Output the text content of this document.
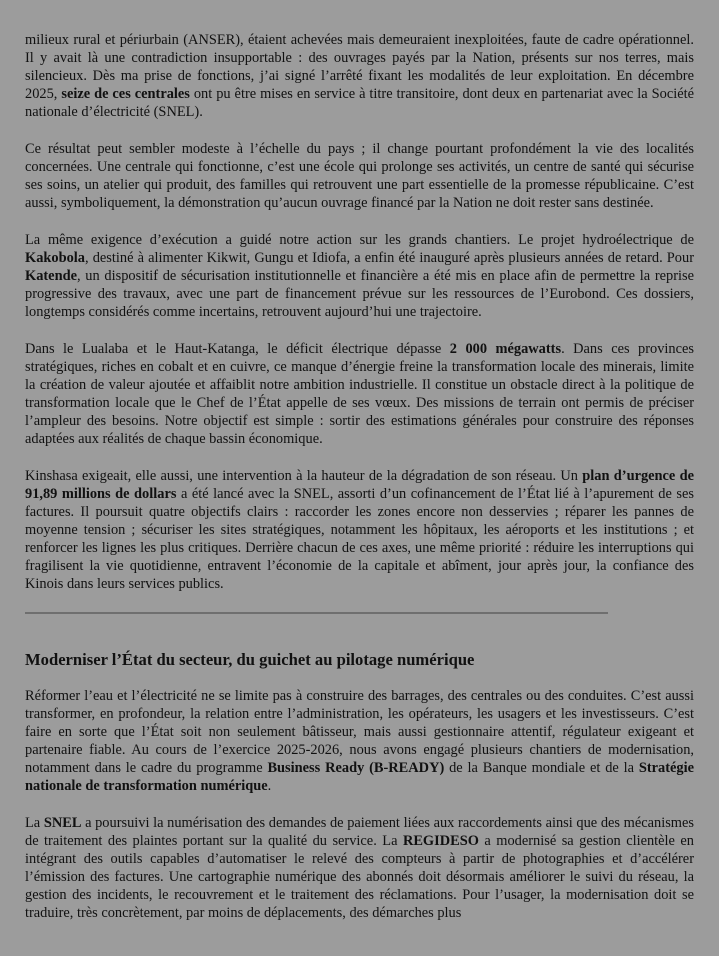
milieux rural et périurbain (ANSER), étaient achevées mais demeuraient inexploitées, faute de cadre opérationnel. Il y avait là une contradiction insupportable : des ouvrages payés par la Nation, présents sur nos terres, mais silencieux. Dès ma prise de fonctions, j’ai signé l’arrêté fixant les modalités de leur exploitation. En décembre 2025, seize de ces centrales ont pu être mises en service à titre transitoire, dont deux en partenariat avec la Société nationale d’électricité (SNEL).

Ce résultat peut sembler modeste à l’échelle du pays ; il change pourtant profondément la vie des localités concernées. Une centrale qui fonctionne, c’est une école qui prolonge ses activités, un centre de santé qui sécurise ses soins, un atelier qui produit, des familles qui retrouvent une part essentielle de la promesse républicaine. C’est aussi, symboliquement, la démonstration qu’aucun ouvrage financé par la Nation ne doit rester sans destinée.

La même exigence d’exécution a guidé notre action sur les grands chantiers. Le projet hydroélectrique de Kakobola, destiné à alimenter Kikwit, Gungu et Idiofa, a enfin été inauguré après plusieurs années de retard. Pour Katende, un dispositif de sécurisation institutionnelle et financière a été mis en place afin de permettre la reprise progressive des travaux, avec une part de financement prévue sur les ressources de l’Eurobond. Ces dossiers, longtemps considérés comme incertains, retrouvent aujourd’hui une trajectoire.

Dans le Lualaba et le Haut-Katanga, le déficit électrique dépasse 2 000 mégawatts. Dans ces provinces stratégiques, riches en cobalt et en cuivre, ce manque d’énergie freine la transformation locale des minerais, limite la création de valeur ajoutée et affaiblit notre ambition industrielle. Il constitue un obstacle direct à la politique de transformation locale que le Chef de l’État appelle de ses vœux. Des missions de terrain ont permis de préciser l’ampleur des besoins. Notre objectif est simple : sortir des estimations générales pour construire des réponses adaptées aux réalités de chaque bassin économique.

Kinshasa exigeait, elle aussi, une intervention à la hauteur de la dégradation de son réseau. Un plan d’urgence de 91,89 millions de dollars a été lancé avec la SNEL, assorti d’un cofinancement de l’État lié à l’apurement de ses factures. Il poursuit quatre objectifs clairs : raccorder les zones encore non desservies ; réparer les pannes de moyenne tension ; sécuriser les sites stratégiques, notamment les hôpitaux, les aéroports et les institutions ; et renforcer les lignes les plus critiques. Derrière chacun de ces axes, une même priorité : réduire les interruptions qui fragilisent la vie quotidienne, entravent l’économie de la capitale et abîment, jour après jour, la confiance des Kinois dans leurs services publics.

Moderniser l’État du secteur, du guichet au pilotage numérique

Réformer l’eau et l’électricité ne se limite pas à construire des barrages, des centrales ou des conduites. C’est aussi transformer, en profondeur, la relation entre l’administration, les opérateurs, les usagers et les investisseurs. C’est faire en sorte que l’État soit non seulement bâtisseur, mais aussi gestionnaire attentif, régulateur exigeant et partenaire fiable. Au cours de l’exercice 2025-2026, nous avons engagé plusieurs chantiers de modernisation, notamment dans le cadre du programme Business Ready (B-READY) de la Banque mondiale et de la Stratégie nationale de transformation numérique.

La SNEL a poursuivi la numérisation des demandes de paiement liées aux raccordements ainsi que des mécanismes de traitement des plaintes portant sur la qualité du service. La REGIDESO a modernisé sa gestion clientèle en intégrant des outils capables d’automatiser le relevé des compteurs à partir de photographies et d’accélérer l’émission des factures. Une cartographie numérique des abonnés doit désormais améliorer le suivi du réseau, la gestion des incidents, le recouvrement et le traitement des réclamations. Pour l’usager, la modernisation doit se traduire, très concrètement, par moins de déplacements, des démarches plus
